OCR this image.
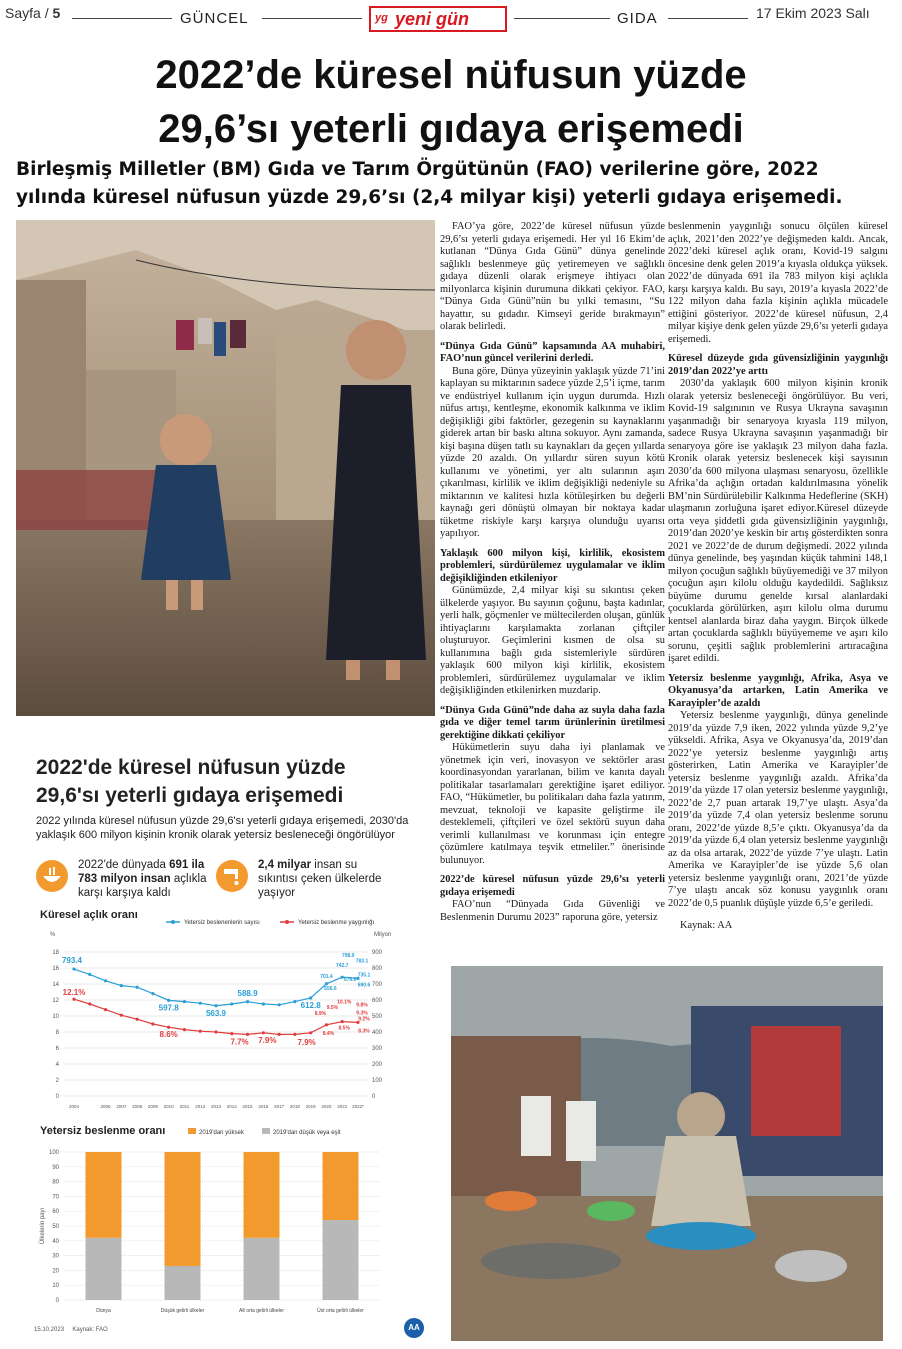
Sayfa / 5	GÜNCEL	yg yeni gün	GIDA	17 Ekim 2023 Salı
2022’de küresel nüfusun yüzde
29,6’sı yeterli gıdaya erişemedi
Birleşmiş Milletler (BM) Gıda ve Tarım Örgütünün (FAO) verilerine göre, 2022 yılında küresel nüfusun yüzde 29,6’sı (2,4 milyar kişi) yeterli gıdaya erişemedi.

FAO’ya göre, 2022’de küresel nüfusun yüzde 29,6’sı yeterli gıdaya erişemedi. Her yıl 16 Ekim’de kutlanan “Dünya Gıda Günü” dünya genelinde sağlıklı beslenmeye güç yetiremeyen ve sağlıklı gıdaya düzenli olarak erişmeye ihtiyacı olan milyonlarca kişinin durumuna dikkati çekiyor. FAO, “Dünya Gıda Günü”nün bu yılki temasını, “Su hayattır, su gıdadır. Kimseyi geride bırakmayın” olarak belirledi.

“Dünya Gıda Günü” kapsamında AA muhabiri, FAO’nun güncel verilerini derledi.

Buna göre, Dünya yüzeyinin yaklaşık yüzde 71’ini kaplayan su miktarının sadece yüzde 2,5’i içme, tarım ve endüstriyel kullanım için uygun durumda. Hızlı nüfus artışı, kentleşme, ekonomik kalkınma ve iklim değişikliği gibi faktörler, gezegenin su kaynaklarını giderek artan bir baskı altına sokuyor. Aynı zamanda, kişi başına düşen tatlı su kaynakları da geçen yıllarda yüzde 20 azaldı. On yıllardır süren suyun kötü kullanımı ve yönetimi, yer altı sularının aşırı çıkarılması, kirlilik ve iklim değişikliği nedeniyle su miktarının ve kalitesi hızla kötüleşirken bu değerli kaynağı geri dönüştü olmayan bir noktaya kadar tüketme riskiyle karşı karşıya olunduğu uyarısı yapılıyor.

Yaklaşık 600 milyon kişi, kirlilik, ekosistem problemleri, sürdürülemez uygulamalar ve iklim değişikliğinden etkileniyor

Günümüzde, 2,4 milyar kişi su sıkıntısı çeken ülkelerde yaşıyor. Bu sayının çoğunu, başta kadınlar, yerli halk, göçmenler ve mültecilerden oluşan, günlük ihtiyaçlarını karşılamakta zorlanan çiftçiler oluşturuyor. Geçimlerini kısmen de olsa su kullanımına bağlı gıda sistemleriyle sürdüren yaklaşık 600 milyon kişi kirlilik, ekosistem problemleri, sürdürülemez uygulamalar ve iklim değişikliğinden etkilenirken muzdarip.

“Dünya Gıda Günü”nde daha az suyla daha fazla gıda ve diğer temel tarım ürünlerinin üretilmesi gerektiğine dikkati çekiliyor

Hükümetlerin suyu daha iyi planlamak ve yönetmek için veri, inovasyon ve sektörler arası koordinasyondan yararlanan, bilim ve kanıta dayalı politikalar tasarlamaları gerektiğine işaret ediliyor. FAO, “Hükümetler, bu politikaları daha fazla yatırım, mevzuat, teknoloji ve kapasite geliştirme ile desteklemeli, çiftçileri ve özel sektörü suyun daha verimli kullanılması ve korunması için entegre çözümlere katılmaya teşvik etmeliler.” önerisinde bulunuyor.

2022’de küresel nüfusun yüzde 29,6’sı yeterli gıdaya erişemedi

FAO’nun “Dünyada Gıda Güvenliği ve Beslenmenin Durumu 2023” raporuna göre, yetersiz

beslenmenin yaygınlığı sonucu ölçülen küresel açlık, 2021’den 2022’ye değişmeden kaldı. Ancak, 2022’deki küresel açlık oranı, Kovid-19 salgını öncesine denk gelen 2019’a kıyasla oldukça yüksek. 2022’de dünyada 691 ila 783 milyon kişi açlıkla karşı karşıya kaldı. Bu sayı, 2019’a kıyasla 2022’de 122 milyon daha fazla kişinin açlıkla mücadele ettiğini gösteriyor. 2022’de küresel nüfusun, 2,4 milyar kişiye denk gelen yüzde 29,6’sı yeterli gıdaya erişemedi.

Küresel düzeyde gıda güvensizliğinin yaygınlığı 2019’dan 2022’ye arttı

2030’da yaklaşık 600 milyon kişinin kronik olarak yetersiz besleneceği öngörülüyor. Bu veri, Kovid-19 salgınının ve Rusya Ukrayna savaşının yaşanmadığı bir senaryoya kıyasla 119 milyon, sadece Rusya Ukrayna savaşının yaşanmadığı bir senaryoya göre ise yaklaşık 23 milyon daha fazla. Kronik olarak yetersiz beslenecek kişi sayısının 2030’da 600 milyona ulaşması senaryosu, özellikle Afrika’da açlığın ortadan kaldırılmasına yönelik BM’nin Sürdürülebilir Kalkınma Hedeflerine (SKH) ulaşmanın zorluğuna işaret ediyor.Küresel düzeyde orta veya şiddetli gıda güvensizliğinin yaygınlığı, 2019’dan 2020’ye keskin bir artış gösterdikten sonra 2021 ve 2022’de de durum değişmedi. 2022 yılında dünya genelinde, beş yaşından küçük tahmini 148,1 milyon çocuğun sağlıklı büyüyemediği ve 37 milyon çocuğun aşırı kilolu olduğu kaydedildi. Sağlıksız büyüme durumu genelde kırsal alanlardaki çocuklarda görülürken, aşırı kilolu olma durumu kentsel alanlarda biraz daha yaygın. Birçok ülkede artan çocuklarda sağlıklı büyüyememe ve aşırı kilo sorunu, çeşitli sağlık problemlerini artıracağına işaret edildi.

Yetersiz beslenme yaygınlığı, Afrika, Asya ve Okyanusya’da artarken, Latin Amerika ve Karayipler’de azaldı

Yetersiz beslenme yaygınlığı, dünya genelinde 2019’da yüzde 7,9 iken, 2022 yılında yüzde 9,2’ye yükseldi. Afrika, Asya ve Okyanusya’da, 2019’dan 2022’ye yetersiz beslenme yaygınlığı artış gösterirken, Latin Amerika ve Karayipler’de yetersiz beslenme yaygınlığı azaldı. Afrika’da 2019’da yüzde 17 olan yetersiz beslenme yaygınlığı, 2022’de 2,7 puan artarak 19,7’ye ulaştı. Asya’da 2019’da yüzde 7,4 olan yetersiz beslenme sorunu oranı, 2022’de yüzde 8,5’e çıktı. Okyanusya’da da 2019’da yüzde 6,4 olan yetersiz beslenme yaygınlığı az da olsa artarak, 2022’de yüzde 7’ye ulaştı. Latin Amerika ve Karayipler’de ise yüzde 5,6 olan yetersiz beslenme yaygınlığı oranı, 2021’de yüzde 7’ye ulaştı ancak söz konusu yaygınlık oranı 2022’de 0,5 puanlık düşüşle yüzde 6,5’e geriledi.

Kaynak: AA

2022'de küresel nüfusun yüzde
29,6'sı yeterli gıdaya erişemedi
2022 yılında küresel nüfusun yüzde 29,6'sı yeterli gıdaya erişemedi, 2030'da
yaklaşık 600 milyon kişinin kronik olarak yetersiz besleneceği öngörülüyor
2022'de dünyada 691 ila
783 milyon insan açlıkla
karşı karşıya kaldı
2,4 milyar insan su
sıkıntısı çeken ülkelerde
yaşıyor
Küresel açlık oranı
Yetersiz beslenenlerin sayısı	Yetersiz beslenme yaygınlığı
%	Milyon
0
2
4
6
8
10
12
14
16
18
0
100
200
300
400
500
600
700
800
900
2004	2006 2007 2008 2009 2010 2011 2012 2013 2014 2015 2016 2017 2018 2019 2020 2021 2022*
793.4
597.8
563.9
588.9
612.8
701.4
742.7
798.9
783.1
735.1
656.6
676.6
690.6
12.1%
8.6%
7.7% 7.9%	7.9%
8.9%
9.5%
10.1% 9.8%
8.4%
8.5%
9.3%
9.2%
8.3%
Yetersiz beslenme oranı	2019'dan yüksek	2019'dan düşük veya eşit
0
10
20
30
40
50
60
70
80
90
100
Ülkelerin payı
Dünya	Düşük gelirli ülkeler	Alt orta gelirli ülkeler	Üst orta gelirli ülkeler
15.10.2023 Kaynak: FAO	AA
